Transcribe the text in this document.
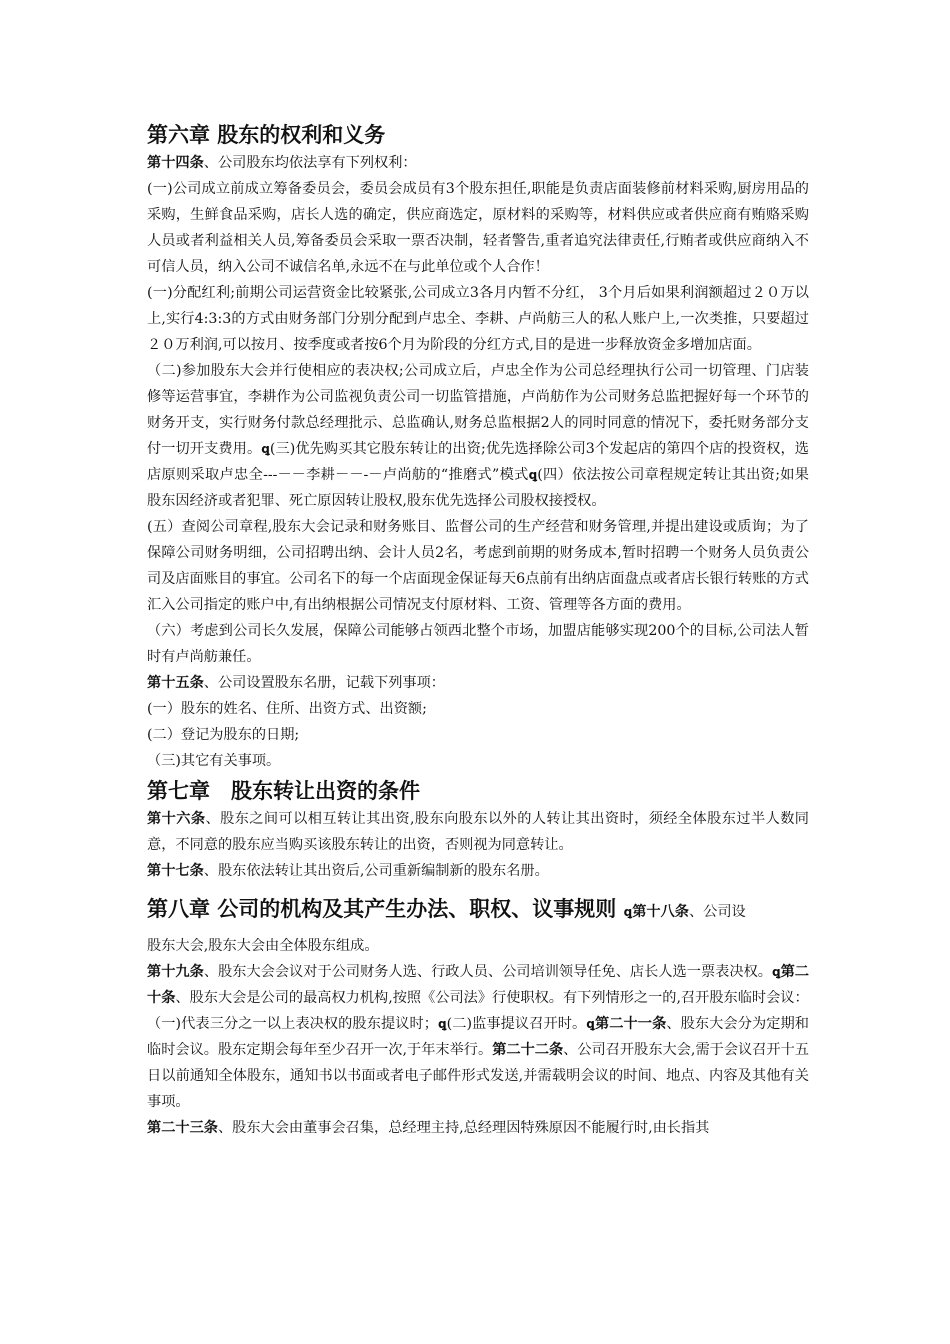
第六章 股东的权利和义务

第十四条、公司股东均依法享有下列权利：

(一)公司成立前成立筹备委员会，委员会成员有3个股东担任,职能是负责店面装修前材料采购,厨房用品的采购，生鲜食品采购，店长人选的确定，供应商选定，原材料的采购等，材料供应或者供应商有贿赂采购人员或者利益相关人员,筹备委员会采取一票否决制，轻者警告,重者追究法律责任,行贿者或供应商纳入不可信人员，纳入公司不诚信名单,永远不在与此单位或个人合作！

(一)分配红利;前期公司运营资金比较紧张,公司成立3各月内暂不分红， 3个月后如果利润额超过２０万以上,实行4:3:3的方式由财务部门分别分配到卢忠全、李耕、卢尚舫三人的私人账户上,一次类推，只要超过２０万利润,可以按月、按季度或者按6个月为阶段的分红方式,目的是进一步释放资金多增加店面。

（二)参加股东大会并行使相应的表决权;公司成立后，卢忠全作为公司总经理执行公司一切管理、门店装修等运营事宜，李耕作为公司监视负责公司一切监管措施，卢尚舫作为公司财务总监把握好每一个环节的财务开支，实行财务付款总经理批示、总监确认,财务总监根据2人的同时同意的情况下，委托财务部分支付一切开支费用。ꝗ(三)优先购买其它股东转让的出资;优先选择除公司3个发起店的第四个店的投资权，选店原则采取卢忠全---－－李耕－－-－卢尚舫的“推磨式”模式ꝗ(四）依法按公司章程规定转让其出资;如果股东因经济或者犯罪、死亡原因转让股权,股东优先选择公司股权接授权。

(五）查阅公司章程,股东大会记录和财务账目、监督公司的生产经营和财务管理,并提出建设或质询；为了保障公司财务明细，公司招聘出纳、会计人员2名，考虑到前期的财务成本,暂时招聘一个财务人员负责公司及店面账目的事宜。公司名下的每一个店面现金保证每天6点前有出纳店面盘点或者店长银行转账的方式汇入公司指定的账户中,有出纳根据公司情况支付原材料、工资、管理等各方面的费用。

（六）考虑到公司长久发展，保障公司能够占领西北整个市场，加盟店能够实现200个的目标,公司法人暂时有卢尚舫兼任。

第十五条、公司设置股东名册，记载下列事项：

(一）股东的姓名、住所、出资方式、出资额;

(二）登记为股东的日期;

（三)其它有关事项。

第七章　股东转让出资的条件

第十六条、股东之间可以相互转让其出资,股东向股东以外的人转让其出资时，须经全体股东过半人数同意，不同意的股东应当购买该股东转让的出资，否则视为同意转让。

第十七条、股东依法转让其出资后,公司重新编制新的股东名册。

第八章 公司的机构及其产生办法、职权、议事规则 ꝗ第十八条、公司设

股东大会,股东大会由全体股东组成。

第十九条、股东大会会议对于公司财务人选、行政人员、公司培训领导任免、店长人选一票表决权。ꝗ第二十条、股东大会是公司的最高权力机构,按照《公司法》行使职权。有下列情形之一的,召开股东临时会议：

（一)代表三分之一以上表决权的股东提议时；ꝗ(二)监事提议召开时。ꝗ第二十一条、股东大会分为定期和临时会议。股东定期会每年至少召开一次,于年末举行。第二十二条、公司召开股东大会,需于会议召开十五日以前通知全体股东，通知书以书面或者电子邮件形式发送,并需载明会议的时间、地点、内容及其他有关事项。

第二十三条、股东大会由董事会召集，总经理主持,总经理因特殊原因不能履行时,由长指其
